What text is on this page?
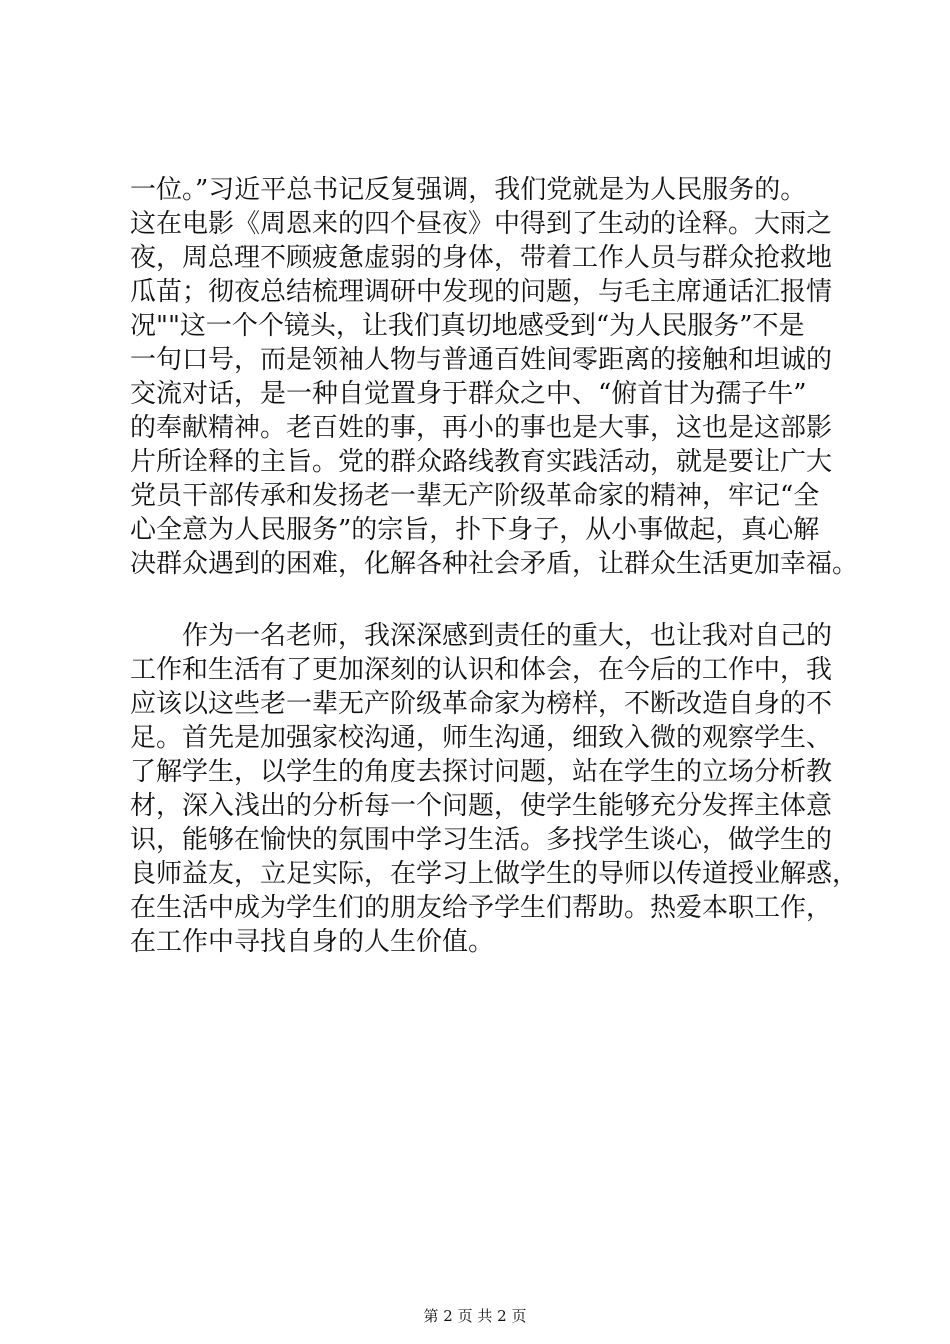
一位。”习近平总书记反复强调，我们党就是为人民服务的。
这在电影《周恩来的四个昼夜》中得到了生动的诠释。大雨之
夜，周总理不顾疲惫虚弱的身体，带着工作人员与群众抢救地
瓜苗；彻夜总结梳理调研中发现的问题，与毛主席通话汇报情
况""这一个个镜头，让我们真切地感受到“为人民服务”不是
一句口号，而是领袖人物与普通百姓间零距离的接触和坦诚的
交流对话，是一种自觉置身于群众之中、“俯首甘为孺子牛”
的奉献精神。老百姓的事，再小的事也是大事，这也是这部影
片所诠释的主旨。党的群众路线教育实践活动，就是要让广大
党员干部传承和发扬老一辈无产阶级革命家的精神，牢记“全
心全意为人民服务”的宗旨，扑下身子，从小事做起，真心解
决群众遇到的困难，化解各种社会矛盾，让群众生活更加幸福。
　　作为一名老师，我深深感到责任的重大，也让我对自己的
工作和生活有了更加深刻的认识和体会，在今后的工作中，我
应该以这些老一辈无产阶级革命家为榜样，不断改造自身的不
足。首先是加强家校沟通，师生沟通，细致入微的观察学生、
了解学生，以学生的角度去探讨问题，站在学生的立场分析教
材，深入浅出的分析每一个问题，使学生能够充分发挥主体意
识，能够在愉快的氛围中学习生活。多找学生谈心，做学生的
良师益友，立足实际，在学习上做学生的导师以传道授业解惑，
在生活中成为学生们的朋友给予学生们帮助。热爱本职工作，
在工作中寻找自身的人生价值。
第 2 页 共 2 页
